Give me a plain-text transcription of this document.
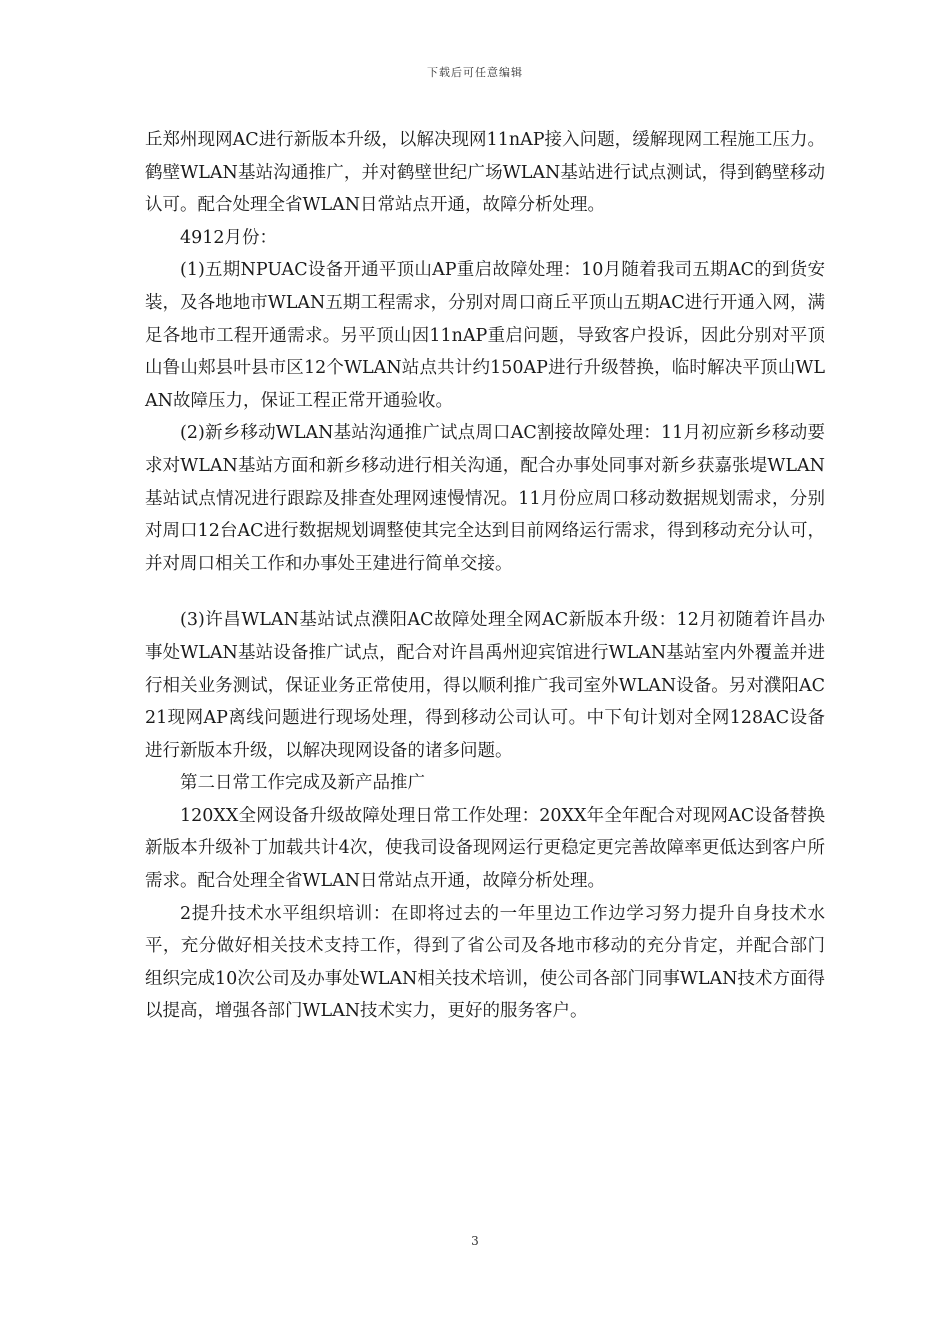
下载后可任意编辑

丘郑州现网AC进行新版本升级，以解决现网11nAP接入问题，缓解现网工程施工压力。鹤壁WLAN基站沟通推广，并对鹤壁世纪广场WLAN基站进行试点测试，得到鹤壁移动认可。配合处理全省WLAN日常站点开通，故障分析处理。

4912月份：

(1)五期NPUAC设备开通平顶山AP重启故障处理：10月随着我司五期AC的到货安装，及各地地市WLAN五期工程需求，分别对周口商丘平顶山五期AC进行开通入网，满足各地市工程开通需求。另平顶山因11nAP重启问题，导致客户投诉，因此分别对平顶山鲁山郏县叶县市区12个WLAN站点共计约150AP进行升级替换，临时解决平顶山WLAN故障压力，保证工程正常开通验收。

(2)新乡移动WLAN基站沟通推广试点周口AC割接故障处理：11月初应新乡移动要求对WLAN基站方面和新乡移动进行相关沟通，配合办事处同事对新乡获嘉张堤WLAN基站试点情况进行跟踪及排查处理网速慢情况。11月份应周口移动数据规划需求，分别对周口12台AC进行数据规划调整使其完全达到目前网络运行需求，得到移动充分认可，并对周口相关工作和办事处王建进行简单交接。

(3)许昌WLAN基站试点濮阳AC故障处理全网AC新版本升级：12月初随着许昌办事处WLAN基站设备推广试点，配合对许昌禹州迎宾馆进行WLAN基站室内外覆盖并进行相关业务测试，保证业务正常使用，得以顺利推广我司室外WLAN设备。另对濮阳AC21现网AP离线问题进行现场处理，得到移动公司认可。中下旬计划对全网128AC设备进行新版本升级，以解决现网设备的诸多问题。

第二日常工作完成及新产品推广

120XX全网设备升级故障处理日常工作处理：20XX年全年配合对现网AC设备替换新版本升级补丁加载共计4次，使我司设备现网运行更稳定更完善故障率更低达到客户所需求。配合处理全省WLAN日常站点开通，故障分析处理。

2提升技术水平组织培训：在即将过去的一年里边工作边学习努力提升自身技术水平，充分做好相关技术支持工作，得到了省公司及各地市移动的充分肯定，并配合部门组织完成10次公司及办事处WLAN相关技术培训，使公司各部门同事WLAN技术方面得以提高，增强各部门WLAN技术实力，更好的服务客户。

3
